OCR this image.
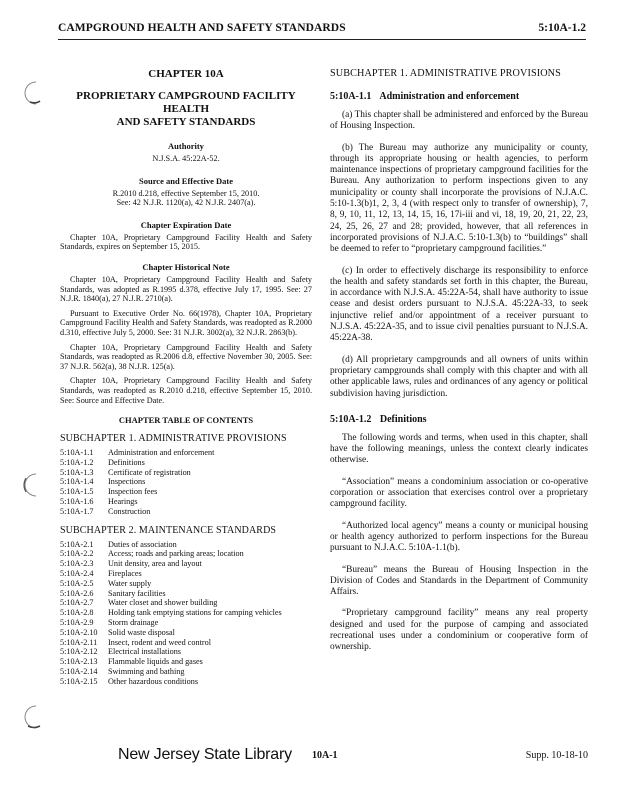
CAMPGROUND HEALTH AND SAFETY STANDARDS	5:10A-1.2
CHAPTER 10A
PROPRIETARY CAMPGROUND FACILITY HEALTH
AND SAFETY STANDARDS
Authority
N.J.S.A. 45:22A-52.
Source and Effective Date
R.2010 d.218, effective September 15, 2010.
See: 42 N.J.R. 1120(a), 42 N.J.R. 2407(a).
Chapter Expiration Date
Chapter 10A, Proprietary Campground Facility Health and Safety Standards, expires on September 15, 2015.
Chapter Historical Note
Chapter 10A, Proprietary Campground Facility Health and Safety Standards, was adopted as R.1995 d.378, effective July 17, 1995. See: 27 N.J.R. 1840(a), 27 N.J.R. 2710(a).
Pursuant to Executive Order No. 66(1978), Chapter 10A, Proprietary Campground Facility Health and Safety Standards, was readopted as R.2000 d.310, effective July 5, 2000. See: 31 N.J.R. 3002(a), 32 N.J.R. 2863(b).
Chapter 10A, Proprietary Campground Facility Health and Safety Standards, was readopted as R.2006 d.8, effective November 30, 2005. See: 37 N.J.R. 562(a), 38 N.J.R. 125(a).
Chapter 10A, Proprietary Campground Facility Health and Safety Standards, was readopted as R.2010 d.218, effective September 15, 2010. See: Source and Effective Date.
CHAPTER TABLE OF CONTENTS
SUBCHAPTER 1. ADMINISTRATIVE PROVISIONS
5:10A-1.1	Administration and enforcement
5:10A-1.2	Definitions
5:10A-1.3	Certificate of registration
5:10A-1.4	Inspections
5:10A-1.5	Inspection fees
5:10A-1.6	Hearings
5:10A-1.7	Construction
SUBCHAPTER 2. MAINTENANCE STANDARDS
5:10A-2.1	Duties of association
5:10A-2.2	Access; roads and parking areas; location
5:10A-2.3	Unit density, area and layout
5:10A-2.4	Fireplaces
5:10A-2.5	Water supply
5:10A-2.6	Sanitary facilities
5:10A-2.7	Water closet and shower building
5:10A-2.8	Holding tank emptying stations for camping vehicles
5:10A-2.9	Storm drainage
5:10A-2.10	Solid waste disposal
5:10A-2.11	Insect, rodent and weed control
5:10A-2.12	Electrical installations
5:10A-2.13	Flammable liquids and gases
5:10A-2.14	Swimming and bathing
5:10A-2.15	Other hazardous conditions
SUBCHAPTER 1. ADMINISTRATIVE PROVISIONS
5:10A-1.1 Administration and enforcement
(a) This chapter shall be administered and enforced by the Bureau of Housing Inspection.
(b) The Bureau may authorize any municipality or county, through its appropriate housing or health agencies, to perform maintenance inspections of proprietary campground facilities for the Bureau. Any authorization to perform inspections given to any municipality or county shall incorporate the provisions of N.J.A.C. 5:10-1.3(b)1, 2, 3, 4 (with respect only to transfer of ownership), 7, 8, 9, 10, 11, 12, 13, 14, 15, 16, 17i-iii and vi, 18, 19, 20, 21, 22, 23, 24, 25, 26, 27 and 28; provided, however, that all references in incorporated provisions of N.J.A.C. 5:10-1.3(b) to “buildings” shall be deemed to refer to “proprietary campground facilities.”
(c) In order to effectively discharge its responsibility to enforce the health and safety standards set forth in this chapter, the Bureau, in accordance with N.J.S.A. 45:22A-54, shall have authority to issue cease and desist orders pursuant to N.J.S.A. 45:22A-33, to seek injunctive relief and/or appointment of a receiver pursuant to N.J.S.A. 45:22A-35, and to issue civil penalties pursuant to N.J.S.A. 45:22A-38.
(d) All proprietary campgrounds and all owners of units within proprietary campgrounds shall comply with this chapter and with all other applicable laws, rules and ordinances of any agency or political subdivision having jurisdiction.
5:10A-1.2 Definitions
The following words and terms, when used in this chapter, shall have the following meanings, unless the context clearly indicates otherwise.
“Association” means a condominium association or co-operative corporation or association that exercises control over a proprietary campground facility.
“Authorized local agency” means a county or municipal housing or health agency authorized to perform inspections for the Bureau pursuant to N.J.A.C. 5:10A-1.1(b).
“Bureau” means the Bureau of Housing Inspection in the Division of Codes and Standards in the Department of Community Affairs.
“Proprietary campground facility” means any real property designed and used for the purpose of camping and associated recreational uses under a condominium or cooperative form of ownership.
New Jersey State Library 10A-1	Supp. 10-18-10
